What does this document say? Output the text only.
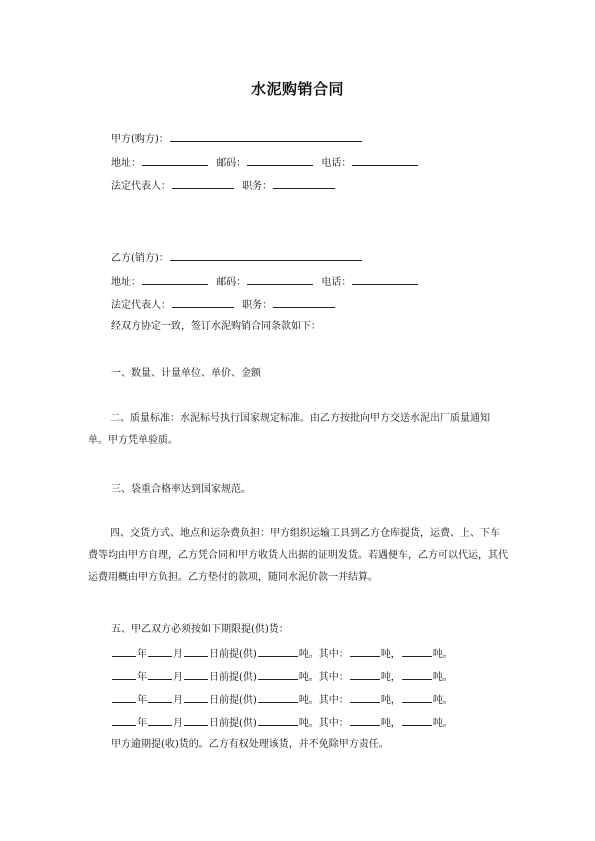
水泥购销合同
甲方(购方)：
地址：	邮码：	电话：
法定代表人：	职务：
乙方(销方)：
地址：	邮码：	电话：
法定代表人：	职务：
经双方协定一致，签订水泥购销合同条款如下：
一、数量、计量单位、单价、金额
二、质量标准：水泥标号执行国家规定标准。由乙方按批向甲方交送水泥出厂质量通知单。甲方凭单验质。
三、袋重合格率达到国家规范。
四、交货方式、地点和运杂费负担：甲方组织运输工具到乙方仓库提货，运费、上、下车费等均由甲方自理，乙方凭合同和甲方收货人出据的证明发货。若遇便车，乙方可以代运，其代运费用概由甲方负担。乙方垫付的款项，随同水泥价款一并结算。
五、甲乙双方必须按如下期限提(供)货：
年	月	日前提(供)	吨。其中：	吨，	吨。
年	月	日前提(供)	吨。其中：	吨，	吨。
年	月	日前提(供)	吨。其中：	吨，	吨。
年	月	日前提(供)	吨。其中：	吨，	吨。
甲方逾期提(收)货的。乙方有权处理该货，并不免除甲方责任。
